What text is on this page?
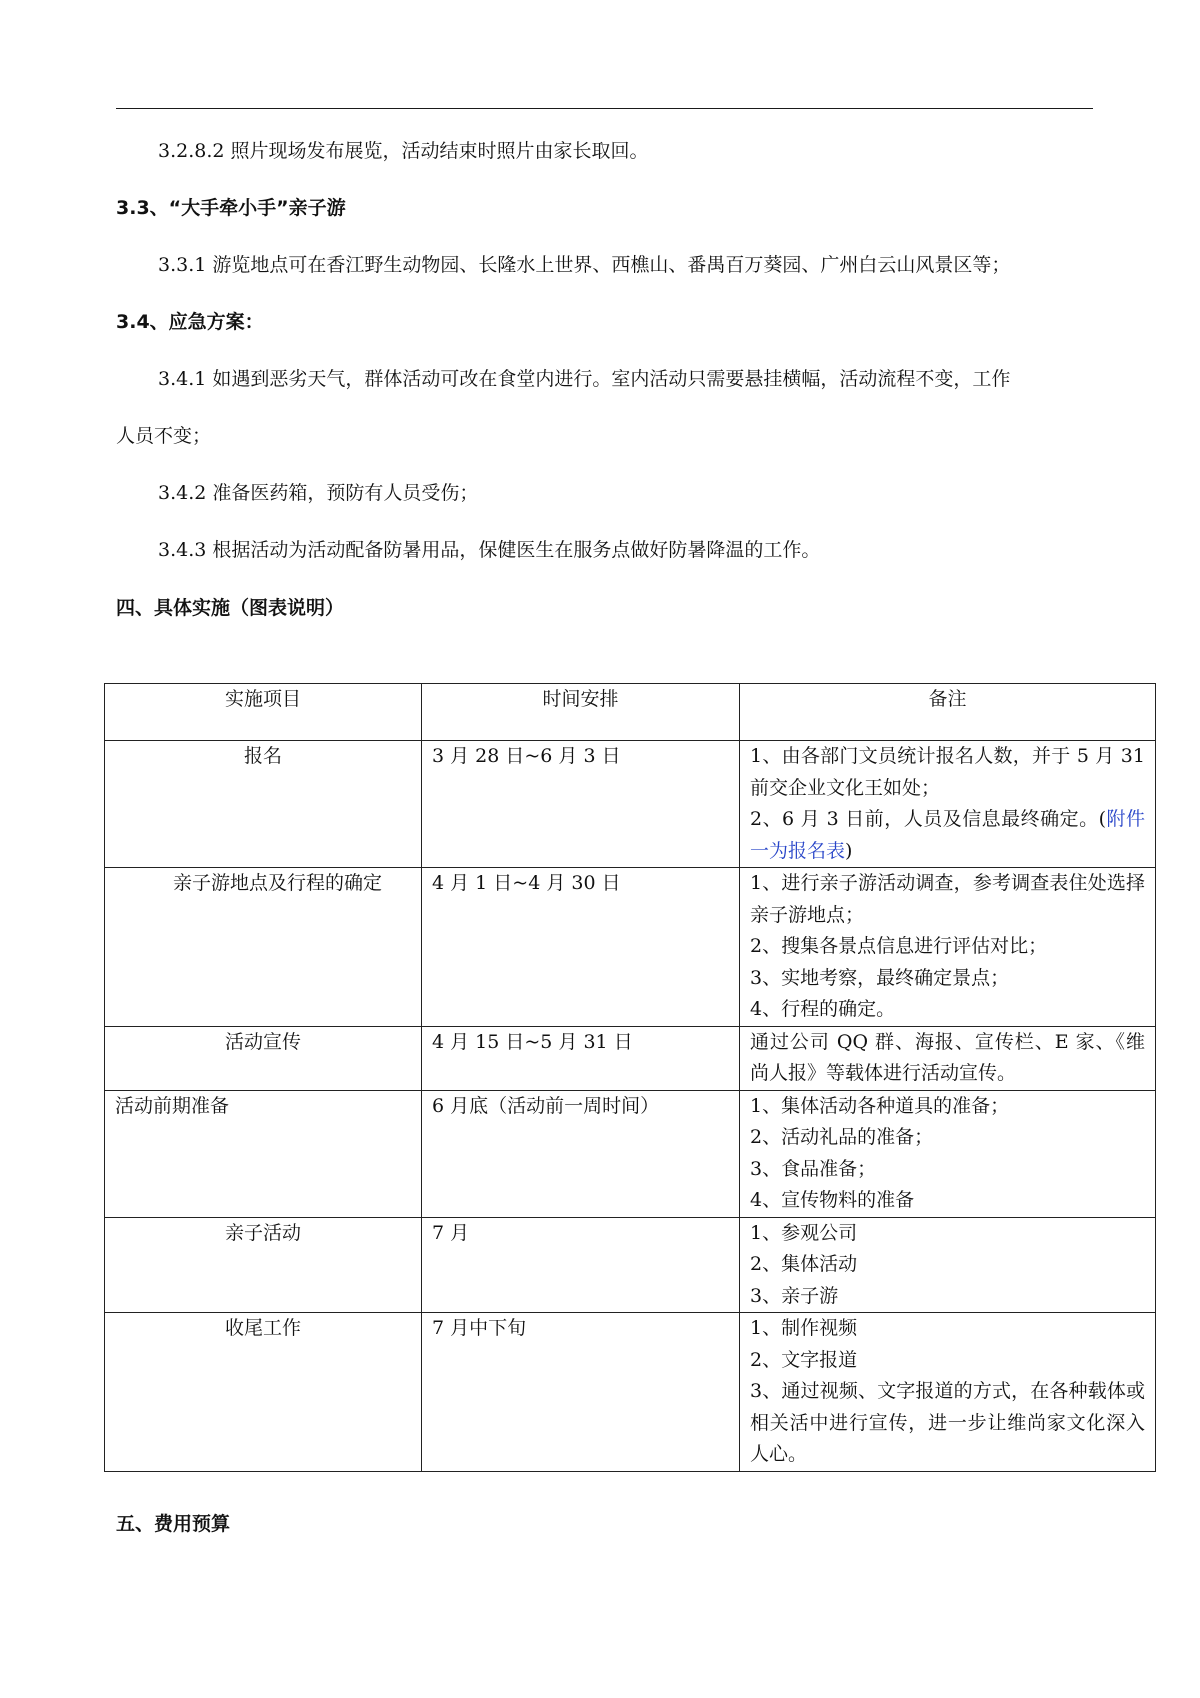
3.2.8.2 照片现场发布展览，活动结束时照片由家长取回。
3.3、“大手牵小手”亲子游
3.3.1 游览地点可在香江野生动物园、长隆水上世界、西樵山、番禺百万葵园、广州白云山风景区等；
3.4、应急方案：
3.4.1 如遇到恶劣天气，群体活动可改在食堂内进行。室内活动只需要悬挂横幅，活动流程不变，工作
人员不变；
3.4.2 准备医药箱，预防有人员受伤；
3.4.3 根据活动为活动配备防暑用品，保健医生在服务点做好防暑降温的工作。
四、具体实施（图表说明）
实施项目	时间安排	备注
报名	3 月 28 日~6 月 3 日	1、由各部门文员统计报名人数，并于 5 月 31 前交企业文化王如处；
2、6 月 3 日前，人员及信息最终确定。(附件一为报名表)

亲子游地点及行程的确定	4 月 1 日~4 月 30 日	1、进行亲子游活动调查，参考调查表住处选择亲子游地点；
2、搜集各景点信息进行评估对比；
3、实地考察，最终确定景点；
4、行程的确定。

活动宣传	4 月 15 日~5 月 31 日	通过公司 QQ 群、海报、宣传栏、E 家、《维尚人报》等载体进行活动宣传。

活动前期准备	6 月底（活动前一周时间）	1、集体活动各种道具的准备；
2、活动礼品的准备；
3、食品准备；
4、宣传物料的准备

亲子活动	7 月	1、参观公司
2、集体活动
3、亲子游

收尾工作	7 月中下旬	1、制作视频
2、文字报道
3、通过视频、文字报道的方式，在各种载体或相关活中进行宣传，进一步让维尚家文化深入人心。
五、费用预算
